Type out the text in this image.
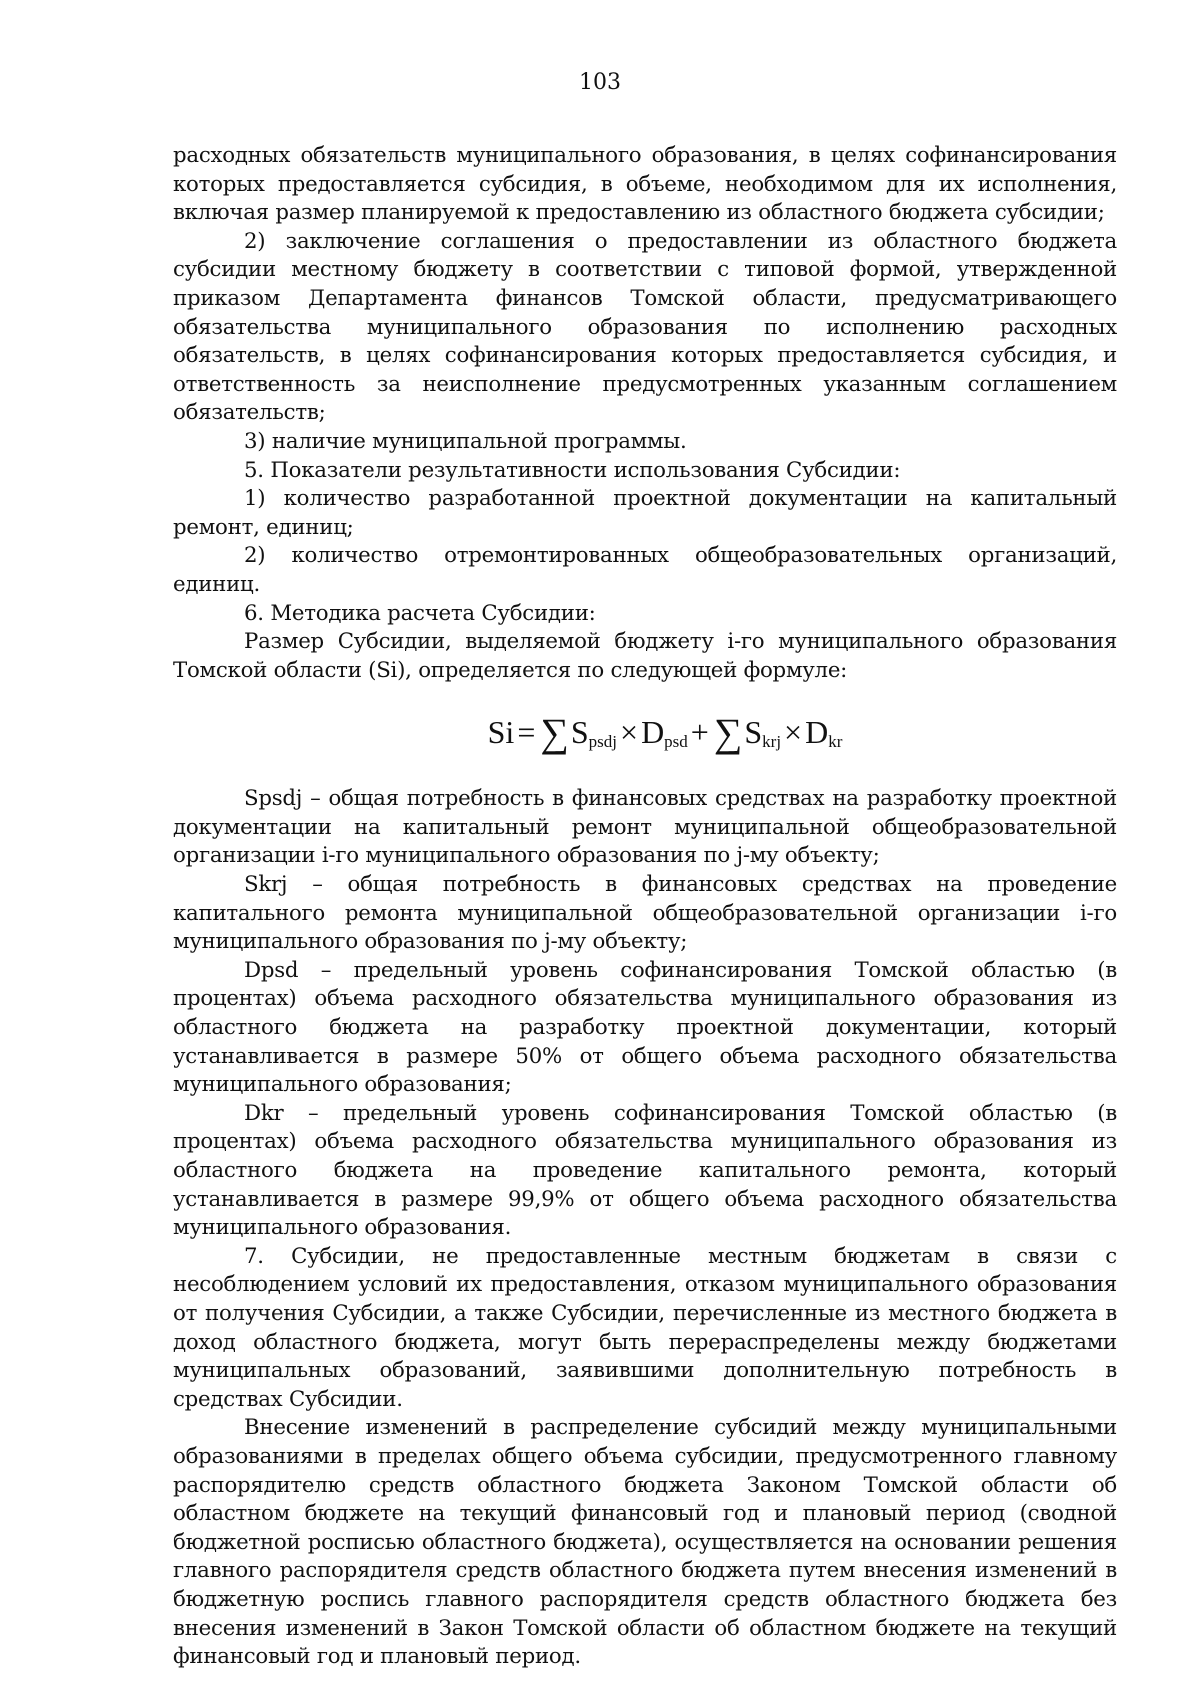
103

расходных обязательств муниципального образования, в целях софинансирования которых предоставляется субсидия, в объеме, необходимом для их исполнения, включая размер планируемой к предоставлению из областного бюджета субсидии;

2) заключение соглашения о предоставлении из областного бюджета субсидии местному бюджету в соответствии с типовой формой, утвержденной приказом Департамента финансов Томской области, предусматривающего обязательства муниципального образования по исполнению расходных обязательств, в целях софинансирования которых предоставляется субсидия, и ответственность за неисполнение предусмотренных указанным соглашением обязательств;

3) наличие муниципальной программы.

5. Показатели результативности использования Субсидии:

1) количество разработанной проектной документации на капитальный ремонт, единиц;

2) количество отремонтированных общеобразовательных организаций, единиц.

6. Методика расчета Субсидии:

Размер Субсидии, выделяемой бюджету i-го муниципального образования Томской области (Si), определяется по следующей формуле:

Si = ∑ $S_{psdj} \times D_{psd}$ + ∑ $S_{krj} \times D_{kr}$

Spsdj – общая потребность в финансовых средствах на разработку проектной документации на капитальный ремонт муниципальной общеобразовательной организации i-го муниципального образования по j-му объекту;

Skrj – общая потребность в финансовых средствах на проведение капитального ремонта муниципальной общеобразовательной организации i-го муниципального образования по j-му объекту;

Dpsd – предельный уровень софинансирования Томской областью (в процентах) объема расходного обязательства муниципального образования из областного бюджета на разработку проектной документации, который устанавливается в размере 50% от общего объема расходного обязательства муниципального образования;

Dkr – предельный уровень софинансирования Томской областью (в процентах) объема расходного обязательства муниципального образования из областного бюджета на проведение капитального ремонта, который устанавливается в размере 99,9% от общего объема расходного обязательства муниципального образования.

7. Субсидии, не предоставленные местным бюджетам в связи с несоблюдением условий их предоставления, отказом муниципального образования от получения Субсидии, а также Субсидии, перечисленные из местного бюджета в доход областного бюджета, могут быть перераспределены между бюджетами муниципальных образований, заявившими дополнительную потребность в средствах Субсидии.

Внесение изменений в распределение субсидий между муниципальными образованиями в пределах общего объема субсидии, предусмотренного главному распорядителю средств областного бюджета Законом Томской области об областном бюджете на текущий финансовый год и плановый период (сводной бюджетной росписью областного бюджета), осуществляется на основании решения главного распорядителя средств областного бюджета путем внесения изменений в бюджетную роспись главного распорядителя средств областного бюджета без внесения изменений в Закон Томской области об областном бюджете на текущий финансовый год и плановый период.
